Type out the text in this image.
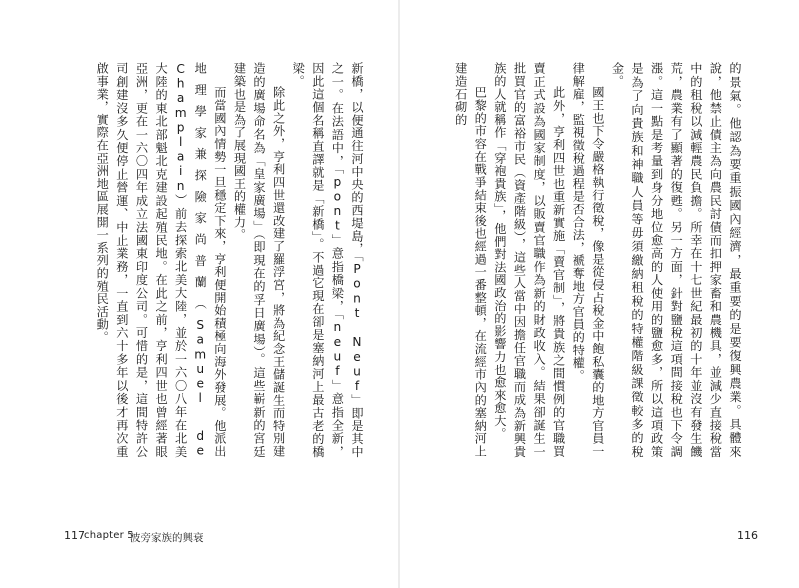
新橋，以便通往河中央的西堤島，「Pont Neuf」即是其中之一。在法語中，「pont」意指橋梁，「neuf」意指全新，因此這個名稱直譯就是「新橋」。不過它現在卻是塞納河上最古老的橋梁。

除此之外，亨利四世還改建了羅浮宮，將為紀念王儲誕生而特別建造的廣場命名為「皇家廣場」（即現在的孚日廣場）。這些嶄新的宮廷建築也是為了展現國王的權力。

而當國內情勢一旦穩定下來，亨利便開始積極向海外發展。他派出地理學家兼探險家尚普蘭（Samuel de Champlain）前去探索北美大陸，並於一六〇八年在北美大陸的東北部魁北克建設起殖民地。在此之前，亨利四世也曾經著眼亞洲，更在一六〇四年成立法國東印度公司。可惜的是，這間特許公司創建沒多久便停止營運、中止業務，一直到六十多年以後才再次重啟事業，實際在亞洲地區展開一系列的殖民活動。

117 chapter 5
波旁家族的興衰

的景氣。他認為要重振國內經濟，最重要的是要復興農業。具體來說，他禁止債主為向農民討債而扣押家畜和農機具，並減少直接稅當中的租稅以減輕農民負擔。所幸在十七世紀最初的十年並沒有發生饑荒，農業有了顯著的復甦。另一方面，針對鹽稅這項間接稅也下令調漲。這一點是考量到身分地位愈高的人使用的鹽愈多，所以這項政策是為了向貴族和神職人員等毋須繳納租稅的特權階級課徵較多的稅金。

國王也下令嚴格執行徵稅，像是從侵占稅金中飽私囊的地方官員一律解雇，監視徵稅過程是否合法，褫奪地方官員的特權。

此外，亨利四世也重新實施「賣官制」，將貴族之間慣例的官職買賣正式設為國家制度，以販賣官職作為新的財政收入。結果卻誕生一批買官的富裕市民（資產階級），這些人當中因擔任官職而成為新興貴族的人就稱作「穿袍貴族」，他們對法國政治的影響力也愈來愈大。

巴黎的市容在戰爭結束後也經過一番整頓，在流經市內的塞納河上建造石砌的

116
